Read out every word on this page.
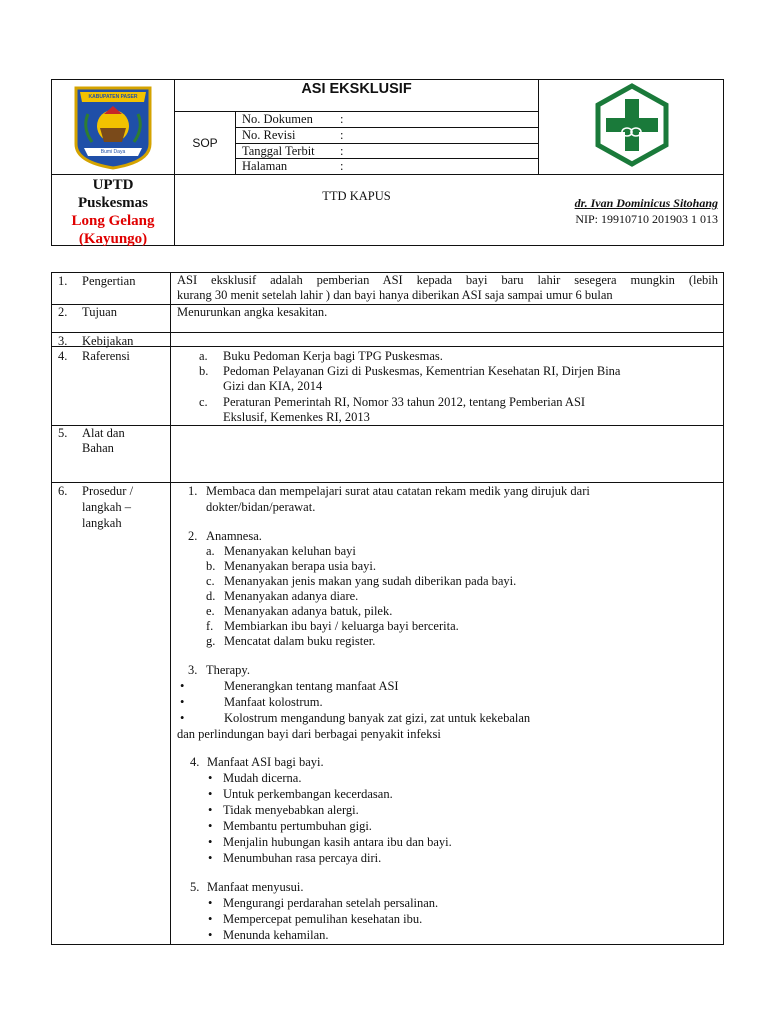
KABUPATEN PASER
Bumi Daya
ASI EKSKLUSIF
SOP
No. Dokumen :
No. Revisi	:
Tanggal Terbit :
Halaman	:
UPTD
Puskesmas
Long Gelang
(Kayungo)
TTD KAPUS	dr. Ivan Dominicus Sitohang
NIP: 19910710 201903 1 013
1. Pengertian	ASI eksklusif adalah pemberian ASI kepada bayi baru lahir sesegera mungkin (lebih
kurang 30 menit setelah lahir ) dan bayi hanya diberikan ASI saja sampai umur 6 bulan
2. Tujuan	Menurunkan angka kesakitan.
3. Kebijakan
4. Raferensi	a. Buku Pedoman Kerja bagi TPG Puskesmas.
b. Pedoman Pelayanan Gizi di Puskesmas, Kementrian Kesehatan RI, Dirjen Bina
Gizi dan KIA, 2014
c. Peraturan Pemerintah RI, Nomor 33 tahun 2012, tentang Pemberian ASI
Ekslusif, Kemenkes RI, 2013
5. Alat dan
Bahan
6. Prosedur /
langkah –
langkah
1. Membaca dan mempelajari surat atau catatan rekam medik yang dirujuk dari
dokter/bidan/perawat.
2. Anamnesa.
a. Menanyakan keluhan bayi
b. Menanyakan berapa usia bayi.
c. Menanyakan jenis makan yang sudah diberikan pada bayi.
d. Menanyakan adanya diare.
e. Menanyakan adanya batuk, pilek.
f. Membiarkan ibu bayi / keluarga bayi bercerita.
g. Mencatat dalam buku register.
3. Therapy.
•	Menerangkan tentang manfaat ASI
•	Manfaat kolostrum.
•	Kolostrum mengandung banyak zat gizi, zat untuk kekebalan
dan perlindungan bayi dari berbagai penyakit infeksi
4. Manfaat ASI bagi bayi.
• Mudah dicerna.
• Untuk perkembangan kecerdasan.
• Tidak menyebabkan alergi.
• Membantu pertumbuhan gigi.
• Menjalin hubungan kasih antara ibu dan bayi.
• Menumbuhan rasa percaya diri.
5. Manfaat menyusui.
• Mengurangi perdarahan setelah persalinan.
• Mempercepat pemulihan kesehatan ibu.
• Menunda kehamilan.
